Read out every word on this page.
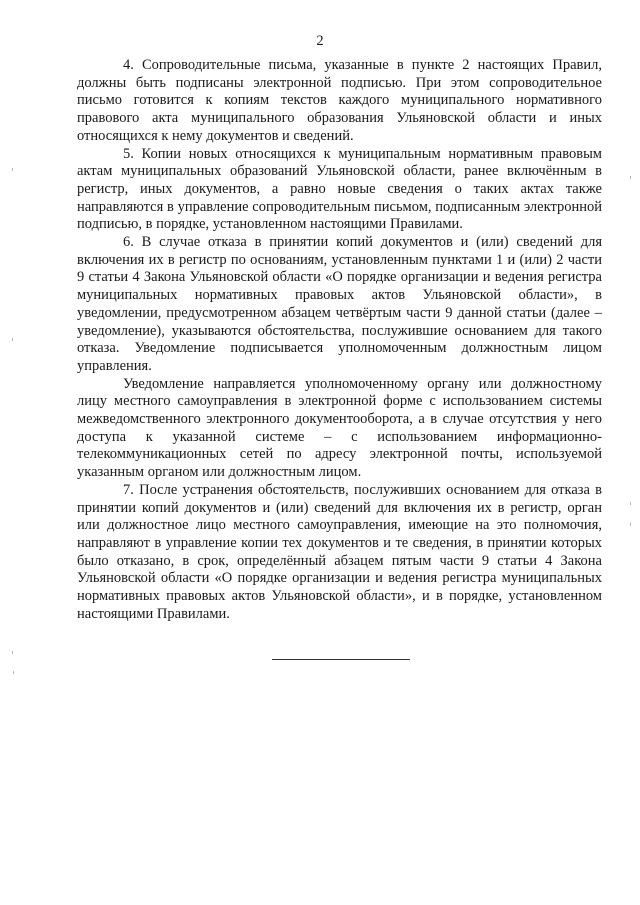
2

4. Сопроводительные письма, указанные в пункте 2 настоящих Правил, должны быть подписаны электронной подписью. При этом сопроводительное письмо готовится к копиям текстов каждого муниципального нормативного правового акта муниципального образования Ульяновской области и иных относящихся к нему документов и сведений.

5. Копии новых относящихся к муниципальным нормативным правовым актам муниципальных образований Ульяновской области, ранее включённым в регистр, иных документов, а равно новые сведения о таких актах также направляются в управление сопроводительным письмом, подписанным электронной подписью, в порядке, установленном настоящими Правилами.

6. В случае отказа в принятии копий документов и (или) сведений для включения их в регистр по основаниям, установленным пунктами 1 и (или) 2 части 9 статьи 4 Закона Ульяновской области «О порядке организации и ведения регистра муниципальных нормативных правовых актов Ульяновской области», в уведомлении, предусмотренном абзацем четвёртым части 9 данной статьи (далее – уведомление), указываются обстоятельства, послужившие основанием для такого отказа. Уведомление подписывается уполномоченным должностным лицом управления.

Уведомление направляется уполномоченному органу или должностному лицу местного самоуправления в электронной форме с использованием системы межведомственного электронного документооборота, а в случае отсутствия у него доступа к указанной системе – с использованием информационно-телекоммуникационных сетей по адресу электронной почты, используемой указанным органом или должностным лицом.

7. После устранения обстоятельств, послуживших основанием для отказа в принятии копий документов и (или) сведений для включения их в регистр, орган или должностное лицо местного самоуправления, имеющие на это полномочия, направляют в управление копии тех документов и те сведения, в принятии которых было отказано, в срок, определённый абзацем пятым части 9 статьи 4 Закона Ульяновской области «О порядке организации и ведения регистра муниципальных нормативных правовых актов Ульяновской области», и в порядке, установленном настоящими Правилами.
